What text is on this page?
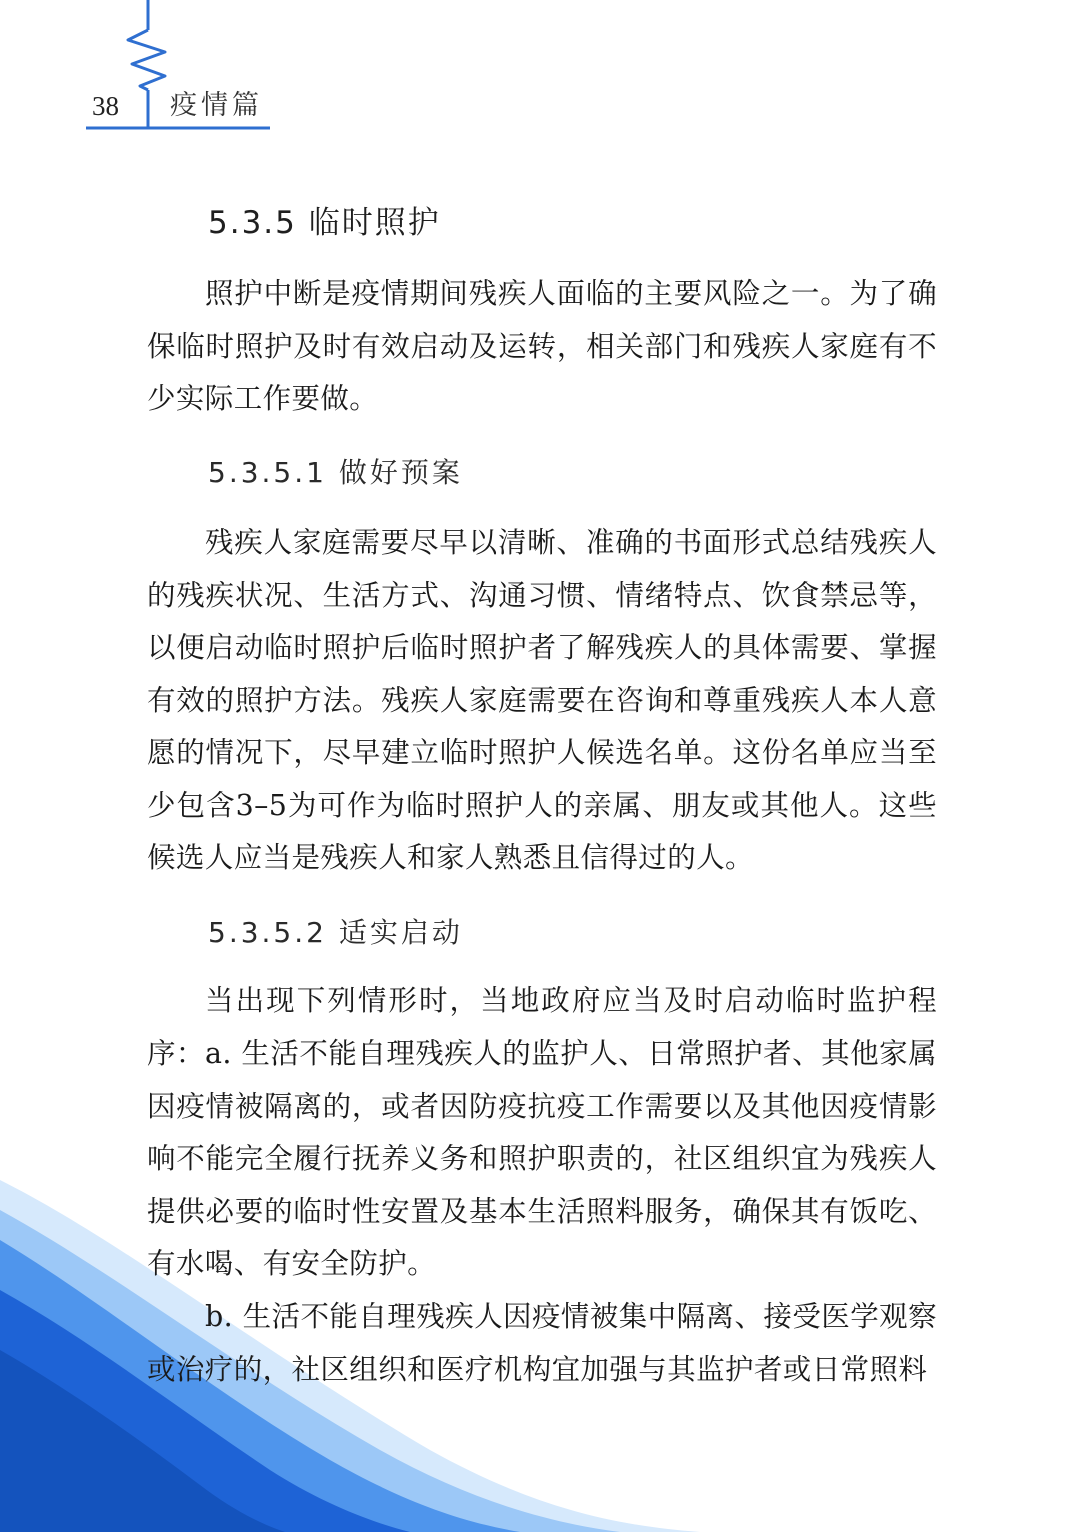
38 疫情篇
5.3.5 临时照护

照护中断是疫情期间残疾人面临的主要风险之一。为了确保临时照护及时有效启动及运转，相关部门和残疾人家庭有不少实际工作要做。

5.3.5.1 做好预案

残疾人家庭需要尽早以清晰、准确的书面形式总结残疾人的残疾状况、生活方式、沟通习惯、情绪特点、饮食禁忌等，以便启动临时照护后临时照护者了解残疾人的具体需要、掌握有效的照护方法。残疾人家庭需要在咨询和尊重残疾人本人意愿的情况下，尽早建立临时照护人候选名单。这份名单应当至少包含3–5为可作为临时照护人的亲属、朋友或其他人。这些候选人应当是残疾人和家人熟悉且信得过的人。

5.3.5.2 适实启动

当出现下列情形时，当地政府应当及时启动临时监护程序： a. 生活不能自理残疾人的监护人、日常照护者、其他家属因疫情被隔离的，或者因防疫抗疫工作需要以及其他因疫情影响不能完全履行抚养义务和照护职责的，社区组织宜为残疾人提供必要的临时性安置及基本生活照料服务，确保其有饭吃、有水喝、有安全防护。

b. 生活不能自理残疾人因疫情被集中隔离、接受医学观察或治疗的，社区组织和医疗机构宜加强与其监护者或日常照料
